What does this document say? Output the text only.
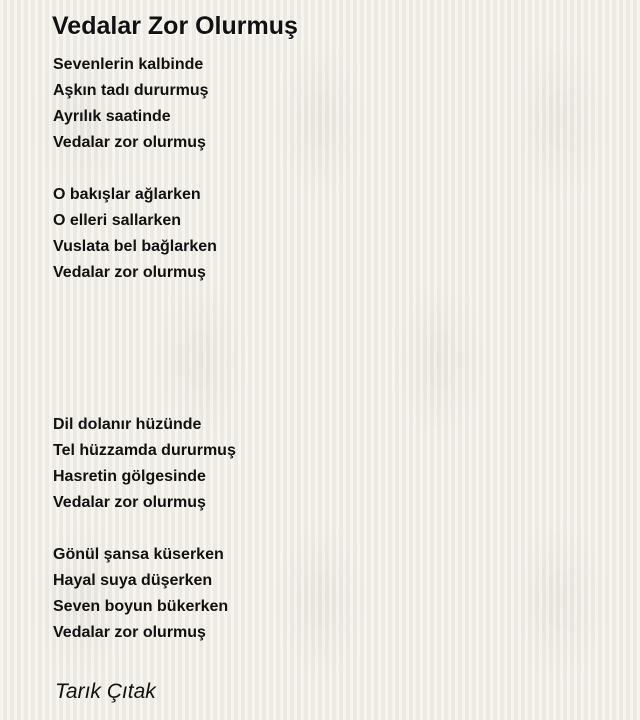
Vedalar Zor Olurmuş
Sevenlerin kalbinde
Aşkın tadı dururmuş
Ayrılık saatinde
Vedalar zor olurmuş
O bakışlar ağlarken
O elleri sallarken
Vuslata bel bağlarken
Vedalar zor olurmuş
Dil dolanır hüzünde
Tel hüzzamda dururmuş
Hasretin gölgesinde
Vedalar zor olurmuş
Gönül şansa küserken
Hayal suya düşerken
Seven boyun bükerken
Vedalar zor olurmuş
Tarık Çıtak
